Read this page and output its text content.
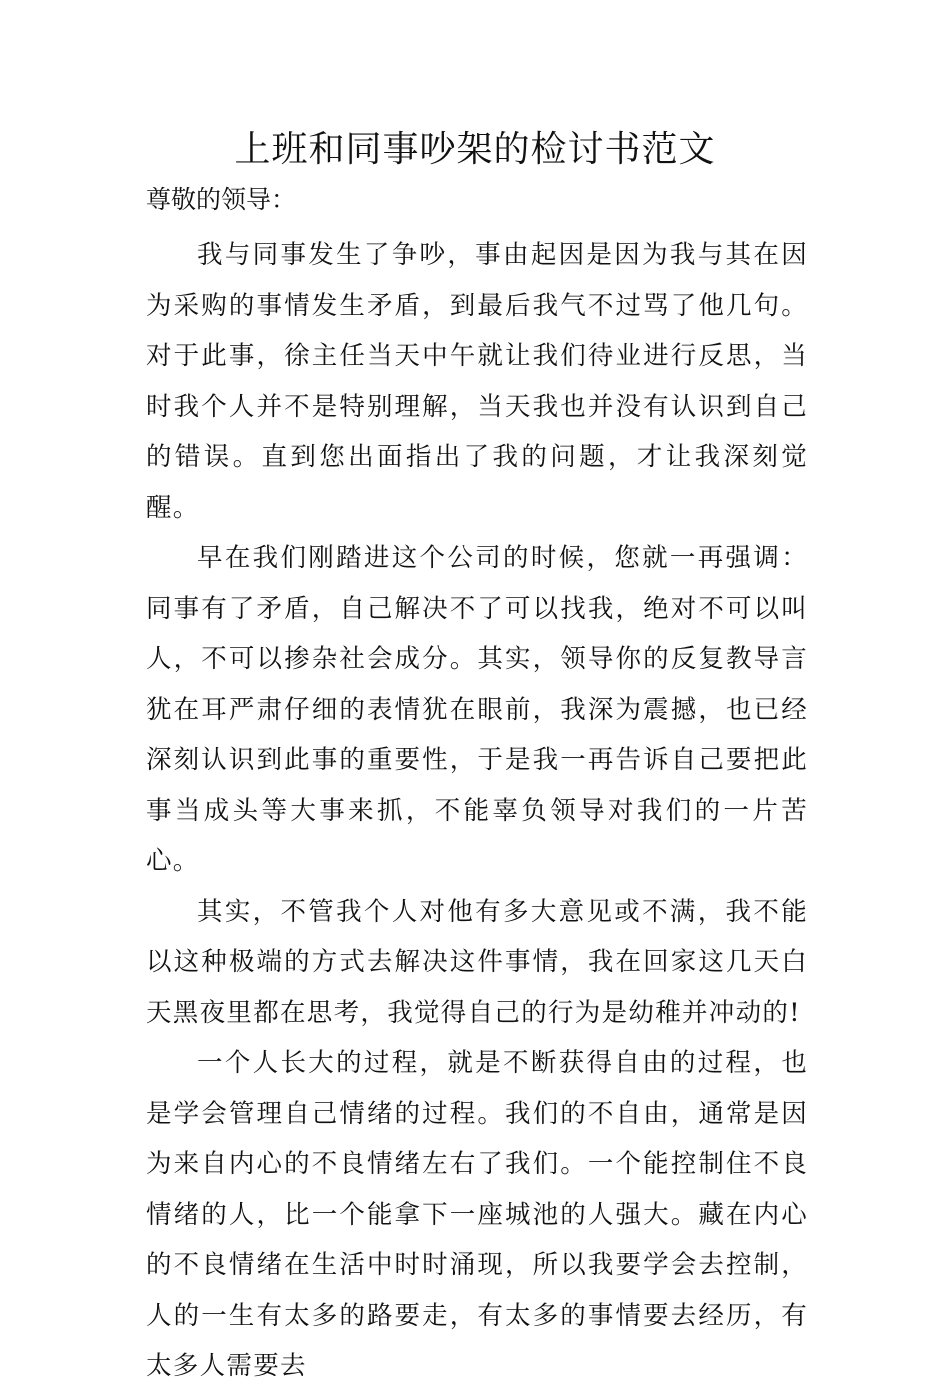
上班和同事吵架的检讨书范文

尊敬的领导：

我与同事发生了争吵，事由起因是因为我与其在因为采购的事情发生矛盾，到最后我气不过骂了他几句。对于此事，徐主任当天中午就让我们待业进行反思，当时我个人并不是特别理解，当天我也并没有认识到自己的错误。直到您出面指出了我的问题，才让我深刻觉醒。

早在我们刚踏进这个公司的时候，您就一再强调：同事有了矛盾，自己解决不了可以找我，绝对不可以叫人，不可以掺杂社会成分。其实，领导你的反复教导言犹在耳严肃仔细的表情犹在眼前，我深为震撼，也已经深刻认识到此事的重要性，于是我一再告诉自己要把此事当成头等大事来抓，不能辜负领导对我们的一片苦心。

其实，不管我个人对他有多大意见或不满，我不能以这种极端的方式去解决这件事情，我在回家这几天白天黑夜里都在思考，我觉得自己的行为是幼稚并冲动的!

一个人长大的过程，就是不断获得自由的过程，也是学会管理自己情绪的过程。我们的不自由，通常是因为来自内心的不良情绪左右了我们。一个能控制住不良情绪的人，比一个能拿下一座城池的人强大。藏在内心的不良情绪在生活中时时涌现，所以我要学会去控制，人的一生有太多的路要走，有太多的事情要去经历，有太多人需要去
